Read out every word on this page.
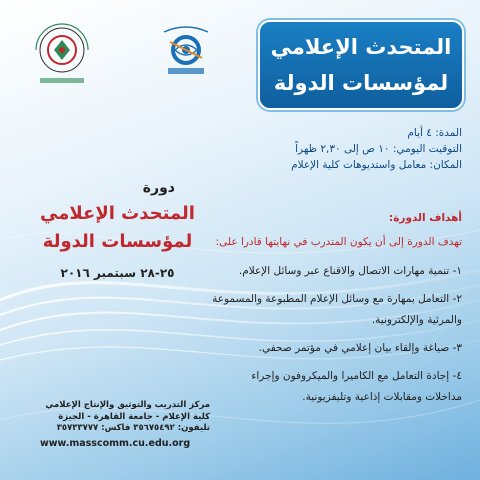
المتحدث الإعلامي
لمؤسسات الدولة
المدة: ٤ أيام
التوقيت اليومي: ١٠ ص إلى ٢,٣٠ ظهراً
المكان: معامل واستديوهات كلية الإعلام
أهداف الدورة:
تهدف الدورة إلى أن يكون المتدرب في نهايتها قادرا على:
١- تنمية مهارات الاتصال والاقناع عبر وسائل الإعلام.
٢- التعامل بمهارة مع وسائل الإعلام المطبوعة والمسموعة والمرئية والإلكترونية.
٣- صياغة وإلقاء بيان إعلامي في مؤتمر صحفي.
٤- إجادة التعامل مع الكاميرا والميكروفون وإجراء مداخلات ومقابلات إذاعية وتليفزيونية.
دورة
المتحدث الإعلامي
لمؤسسات الدولة
٢٥-٢٨ سبتمبر ٢٠١٦
مركز التدريب والتوثيق والإنتاج الإعلامي
كلية الإعلام - جامعة القاهرة - الجيزة
تليفون: ٣٥٦٧٥٤٩٢ فاكس: ٣٥٧٣٣٧٧٧
www.masscomm.cu.edu.org
